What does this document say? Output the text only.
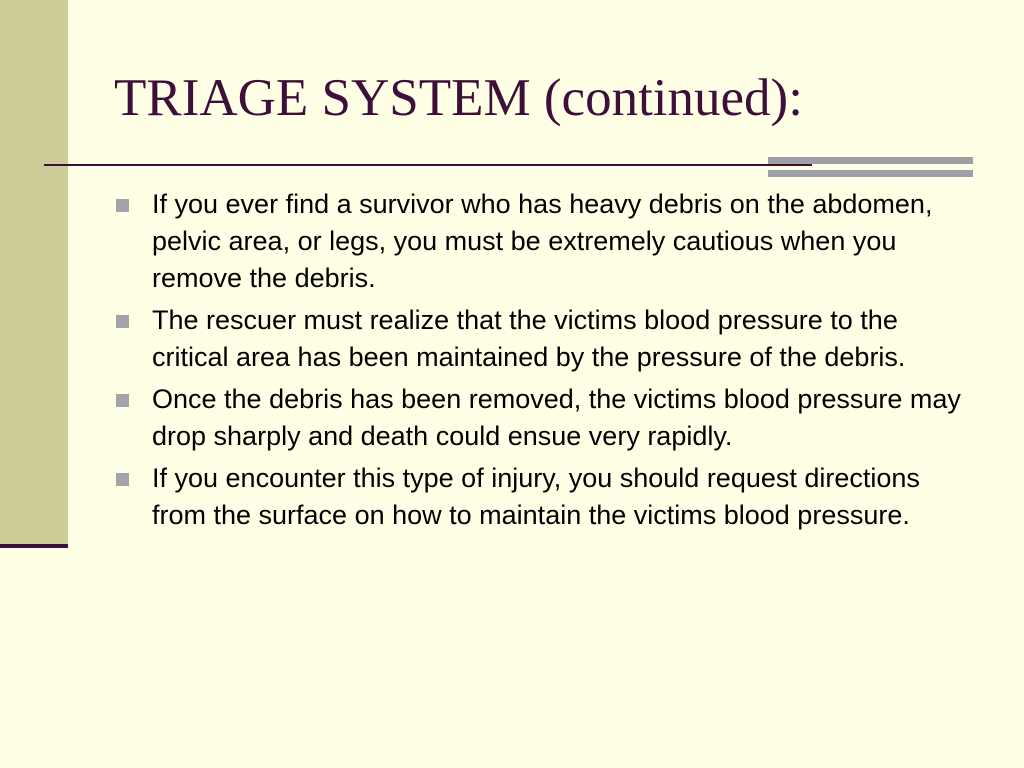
TRIAGE SYSTEM (continued):
If you ever find a survivor who has heavy debris on the abdomen, pelvic area, or legs, you must be extremely cautious when you remove the debris.
The rescuer must realize that the victims blood pressure to the critical area has been maintained by the pressure of the debris.
Once the debris has been removed, the victims blood pressure may drop sharply and death could ensue very rapidly.
If you encounter this type of injury, you should request directions from the surface on how to maintain the victims blood pressure.
